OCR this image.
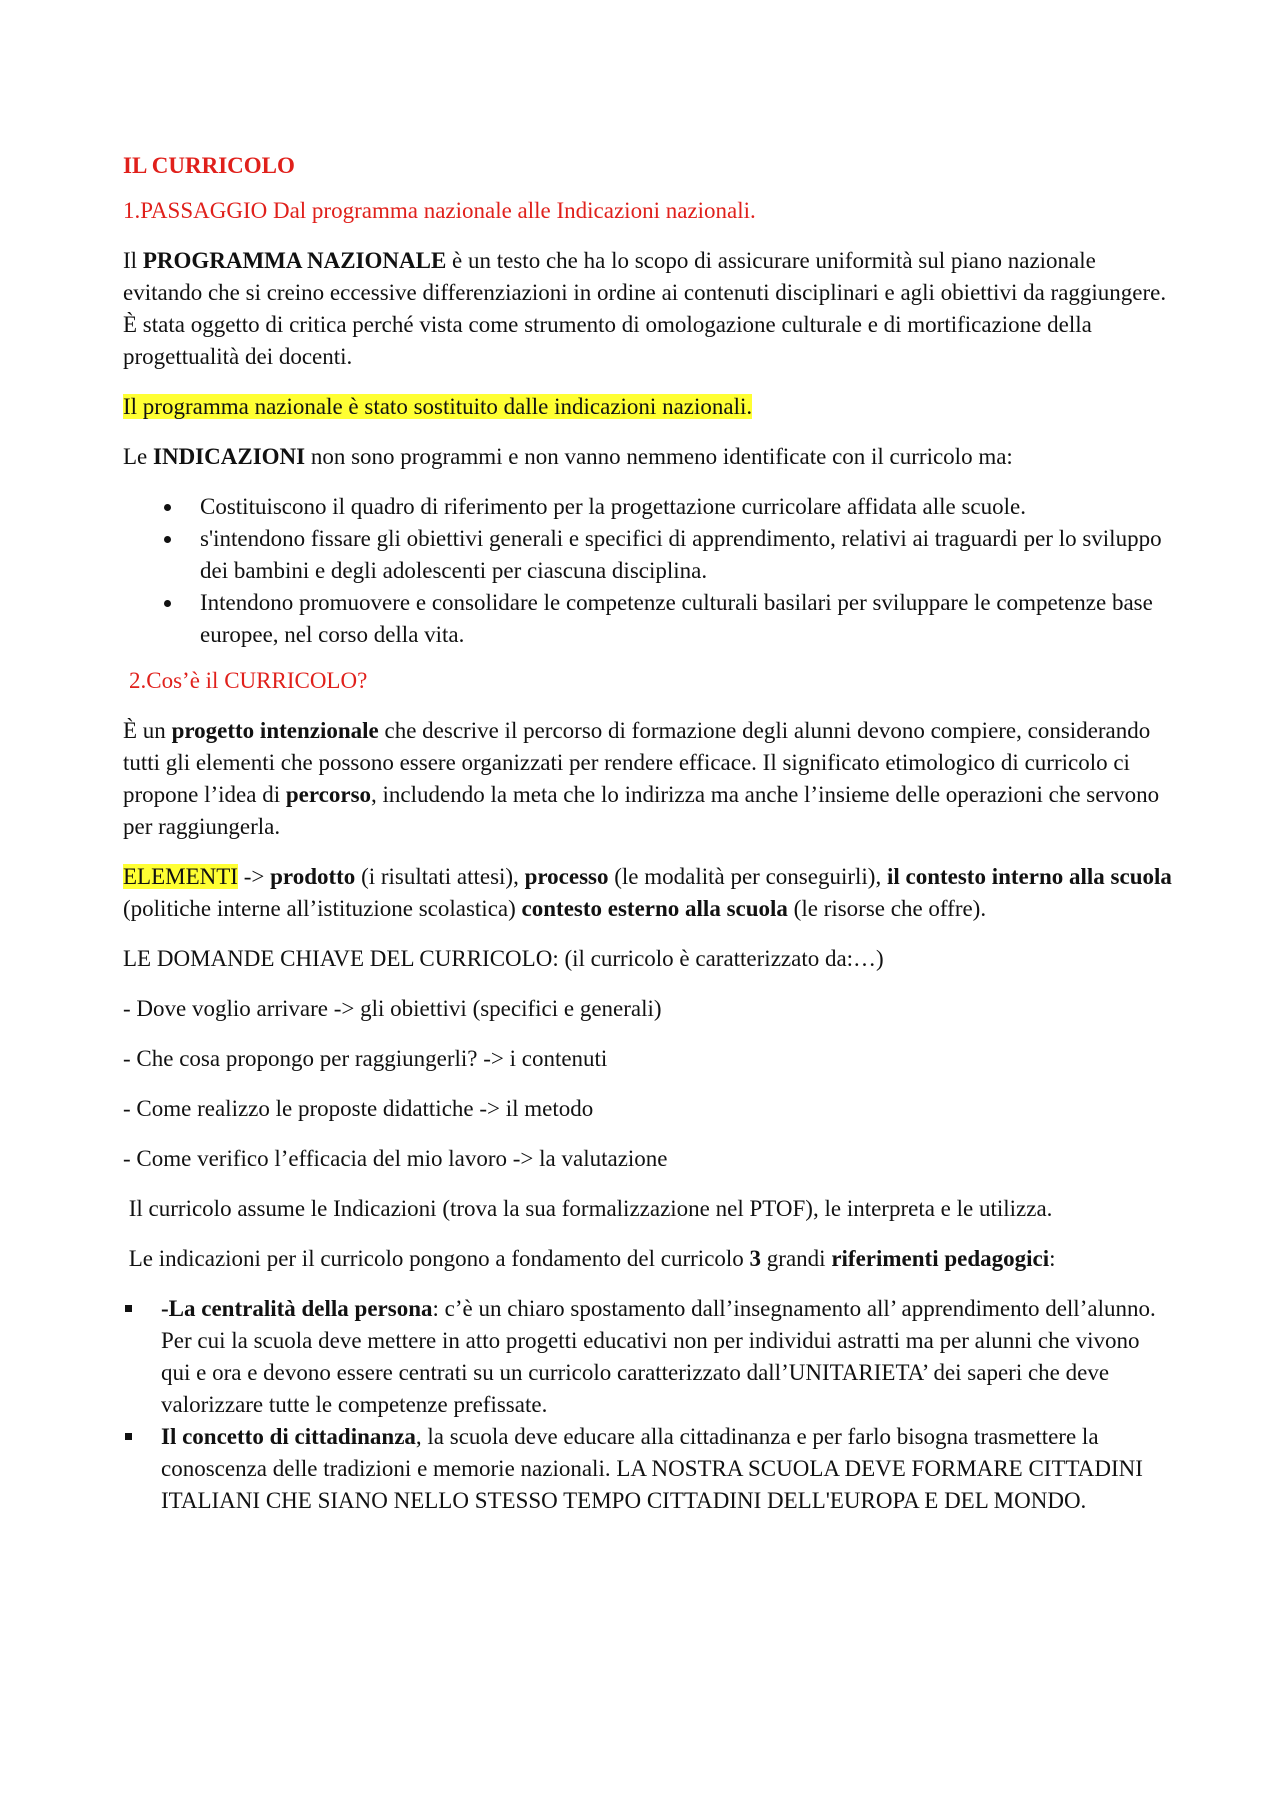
IL CURRICOLO

1.PASSAGGIO Dal programma nazionale alle Indicazioni nazionali.

Il PROGRAMMA NAZIONALE è un testo che ha lo scopo di assicurare uniformità sul piano nazionale evitando che si creino eccessive differenziazioni in ordine ai contenuti disciplinari e agli obiettivi da raggiungere. È stata oggetto di critica perché vista come strumento di omologazione culturale e di mortificazione della progettualità dei docenti.

Il programma nazionale è stato sostituito dalle indicazioni nazionali.

Le INDICAZIONI non sono programmi e non vanno nemmeno identificate con il curricolo ma:

Costituiscono il quadro di riferimento per la progettazione curricolare affidata alle scuole.
s'intendono fissare gli obiettivi generali e specifici di apprendimento, relativi ai traguardi per lo sviluppo dei bambini e degli adolescenti per ciascuna disciplina.
Intendono promuovere e consolidare le competenze culturali basilari per sviluppare le competenze base europee, nel corso della vita.

2.Cos’è il CURRICOLO?

È un progetto intenzionale che descrive il percorso di formazione degli alunni devono compiere, considerando tutti gli elementi che possono essere organizzati per rendere efficace. Il significato etimologico di curricolo ci propone l’idea di percorso, includendo la meta che lo indirizza ma anche l’insieme delle operazioni che servono per raggiungerla.

ELEMENTI -> prodotto (i risultati attesi), processo (le modalità per conseguirli), il contesto interno alla scuola (politiche interne all’istituzione scolastica) contesto esterno alla scuola (le risorse che offre).

LE DOMANDE CHIAVE DEL CURRICOLO: (il curricolo è caratterizzato da:…)

- Dove voglio arrivare -> gli obiettivi (specifici e generali)

- Che cosa propongo per raggiungerli? -> i contenuti

- Come realizzo le proposte didattiche -> il metodo

- Come verifico l’efficacia del mio lavoro -> la valutazione

Il curricolo assume le Indicazioni (trova la sua formalizzazione nel PTOF), le interpreta e le utilizza.

Le indicazioni per il curricolo pongono a fondamento del curricolo 3 grandi riferimenti pedagogici:

-La centralità della persona: c’è un chiaro spostamento dall’insegnamento all’ apprendimento dell’alunno. Per cui la scuola deve mettere in atto progetti educativi non per individui astratti ma per alunni che vivono qui e ora e devono essere centrati su un curricolo caratterizzato dall’UNITARIETA’ dei saperi che deve valorizzare tutte le competenze prefissate.
Il concetto di cittadinanza, la scuola deve educare alla cittadinanza e per farlo bisogna trasmettere la conoscenza delle tradizioni e memorie nazionali. LA NOSTRA SCUOLA DEVE FORMARE CITTADINI ITALIANI CHE SIANO NELLO STESSO TEMPO CITTADINI DELL'EUROPA E DEL MONDO.
